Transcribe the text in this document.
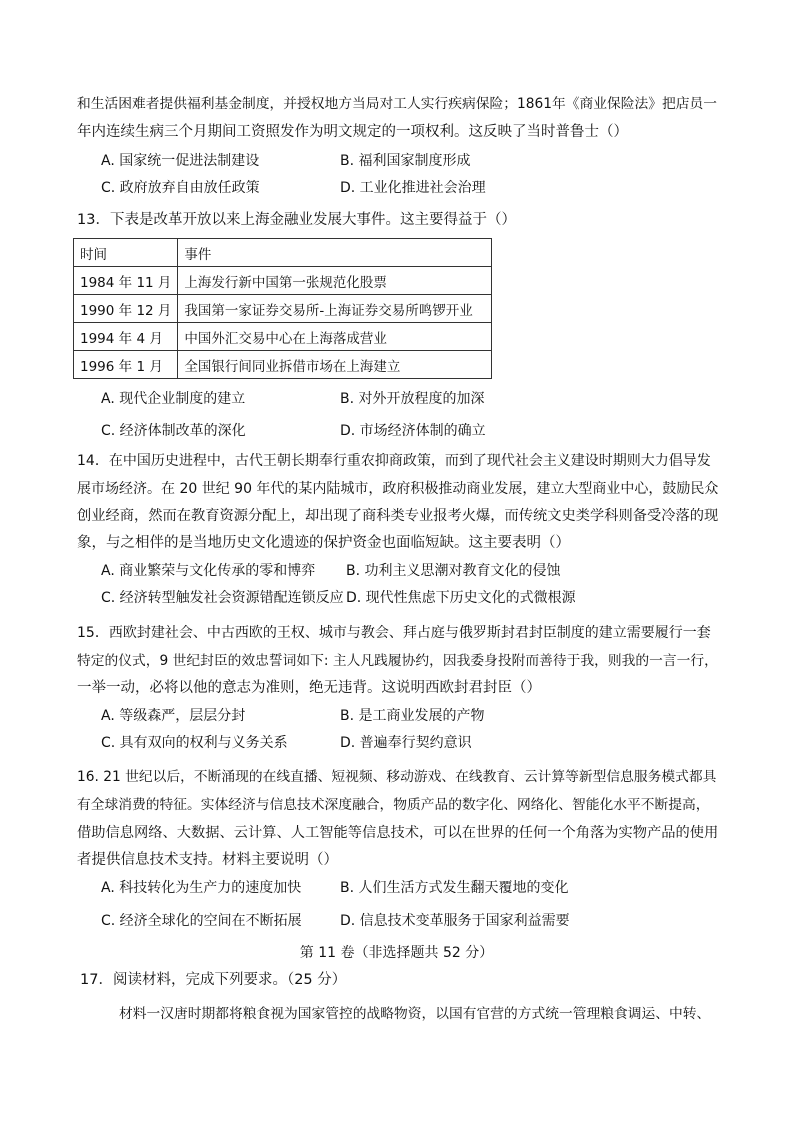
和生活困难者提供福利基金制度，并授权地方当局对工人实行疾病保险；1861年《商业保险法》把店员一
年内连续生病三个月期间工资照发作为明文规定的一项权利。这反映了当时普鲁士（）
A. 国家统一促进法制建设	B. 福利国家制度形成
C. 政府放弃自由放任政策	D. 工业化推进社会治理
13．下表是改革开放以来上海金融业发展大事件。这主要得益于（）
时间	事件
1984 年 11 月	上海发行新中国第一张规范化股票
1990 年 12 月	我国第一家证券交易所-上海证券交易所鸣锣开业
1994 年 4 月	中国外汇交易中心在上海落成营业
1996 年 1 月	全国银行间同业拆借市场在上海建立
A. 现代企业制度的建立	B. 对外开放程度的加深
C. 经济体制改革的深化	D. 市场经济体制的确立
14．在中国历史进程中，古代王朝长期奉行重农抑商政策，而到了现代社会主义建设时期则大力倡导发
展市场经济。在 20 世纪 90 年代的某内陆城市，政府积极推动商业发展，建立大型商业中心，鼓励民众
创业经商，然而在教育资源分配上，却出现了商科类专业报考火爆，而传统文史类学科则备受冷落的现
象，与之相伴的是当地历史文化遗迹的保护资金也面临短缺。这主要表明（）
A. 商业繁荣与文化传承的零和博弈 B. 功利主义思潮对教育文化的侵蚀
C. 经济转型触发社会资源错配连锁反应 D. 现代性焦虑下历史文化的式微根源
15．西欧封建社会、中古西欧的王权、城市与教会、拜占庭与俄罗斯封君封臣制度的建立需要履行一套
特定的仪式，9 世纪封臣的效忠誓词如下: 主人凡践履协约，因我委身投附而善待于我，则我的一言一行，
一举一动，必将以他的意志为准则，绝无违背。这说明西欧封君封臣（）
A. 等级森严，层层分封	B. 是工商业发展的产物
C. 具有双向的权利与义务关系	D. 普遍奉行契约意识
16. 21 世纪以后，不断涌现的在线直播、短视频、移动游戏、在线教育、云计算等新型信息服务模式都具
有全球消费的特征。实体经济与信息技术深度融合，物质产品的数字化、网络化、智能化水平不断提高，
借助信息网络、大数据、云计算、人工智能等信息技术，可以在世界的任何一个角落为实物产品的使用
者提供信息技术支持。材料主要说明（）
A. 科技转化为生产力的速度加快	B. 人们生活方式发生翻天覆地的变化
C. 经济全球化的空间在不断拓展	D. 信息技术变革服务于国家利益需要
第 11 卷（非选择题共 52 分）
17．阅读材料，完成下列要求。（25 分）
材料一汉唐时期都将粮食视为国家管控的战略物资，以国有官营的方式统一管理粮食调运、中转、
